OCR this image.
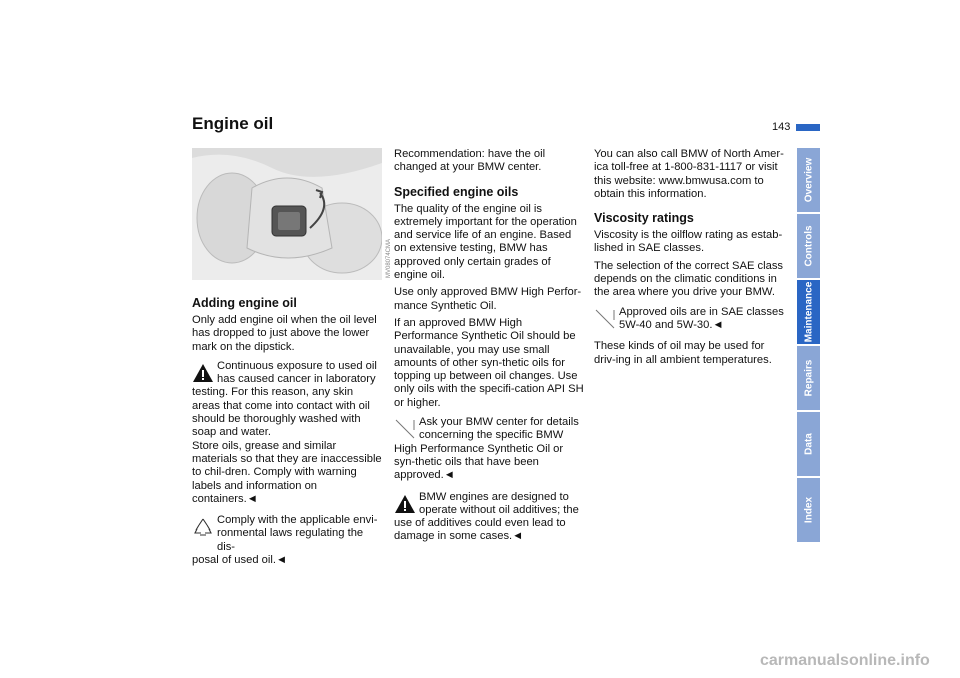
Engine oil	143
MV08074CMA
Adding engine oil

Only add engine oil when the oil level has dropped to just above the lower mark on the dipstick.

Continuous exposure to used oil has caused cancer in laboratory
testing. For this reason, any skin areas that come into contact with oil should be thoroughly washed with soap and water.
Store oils, grease and similar materials so that they are inaccessible to chil-dren. Comply with warning labels and information on containers.◄
Comply with the applicable envi-ronmental laws regulating the dis-
posal of used oil.◄

Recommendation: have the oil changed at your BMW center.

Specified engine oils

The quality of the engine oil is extremely important for the operation and service life of an engine. Based on extensive testing, BMW has approved only certain grades of engine oil.

Use only approved BMW High Perfor-mance Synthetic Oil.

If an approved BMW High Performance Synthetic Oil should be unavailable, you may use small amounts of other syn-thetic oils for topping up between oil changes. Use only oils with the specifi-cation API SH or higher.

Ask your BMW center for details concerning the specific BMW
High Performance Synthetic Oil or syn-thetic oils that have been approved.◄
BMW engines are designed to operate without oil additives; the
use of additives could even lead to damage in some cases.◄

You can also call BMW of North Amer-ica toll-free at 1-800-831-1117 or visit this website: www.bmwusa.com to obtain this information.

Viscosity ratings

Viscosity is the oilflow rating as estab-lished in SAE classes.

The selection of the correct SAE class depends on the climatic conditions in the area where you drive your BMW.

Approved oils are in SAE classes 5W-40 and 5W-30.◄

These kinds of oil may be used for driv-ing in all ambient temperatures.

Overview
Controls
Maintenance
Repairs
Data
Index
carmanualsonline.info
